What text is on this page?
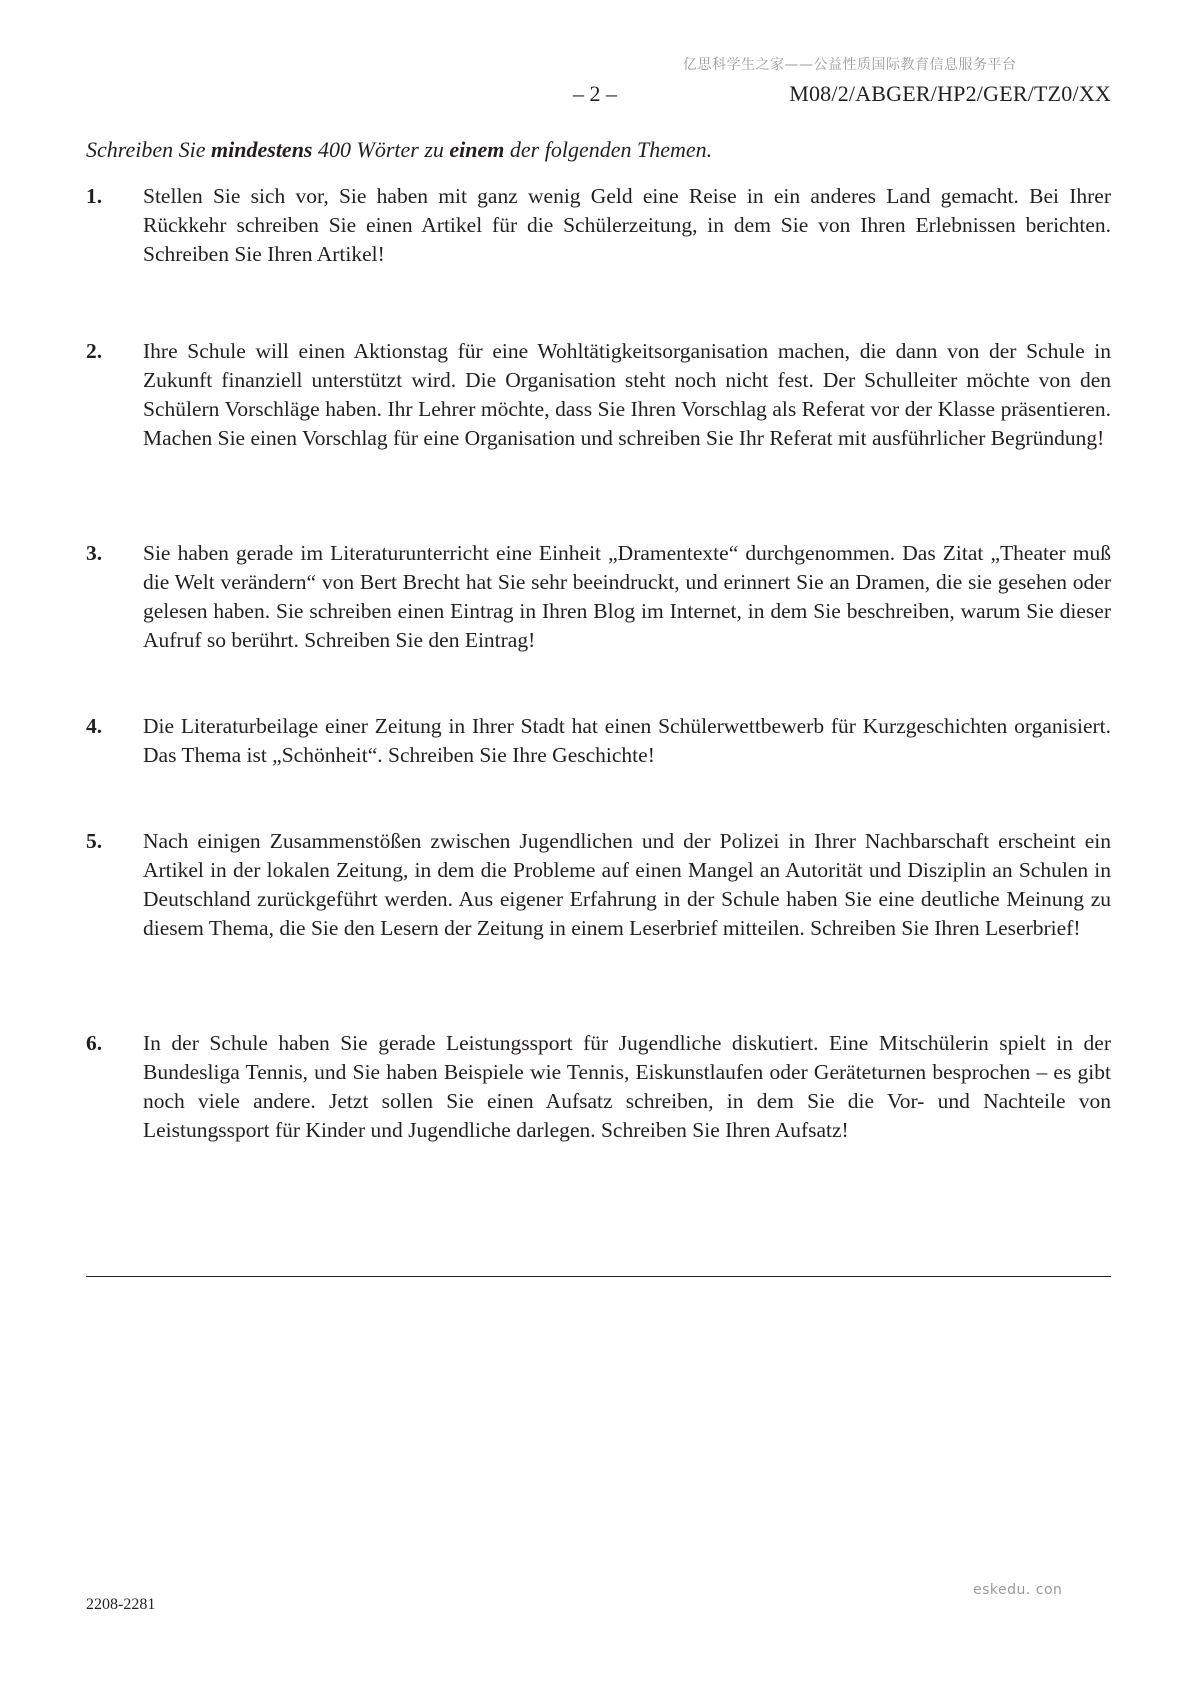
亿思科学生之家——公益性质国际教育信息服务平台
– 2 –	M08/2/ABGER/HP2/GER/TZ0/XX
Schreiben Sie mindestens 400 Wörter zu einem der folgenden Themen.
1. Stellen Sie sich vor, Sie haben mit ganz wenig Geld eine Reise in ein anderes Land gemacht. Bei Ihrer Rückkehr schreiben Sie einen Artikel für die Schülerzeitung, in dem Sie von Ihren Erlebnissen berichten. Schreiben Sie Ihren Artikel!
2. Ihre Schule will einen Aktionstag für eine Wohltätigkeitsorganisation machen, die dann von der Schule in Zukunft finanziell unterstützt wird. Die Organisation steht noch nicht fest. Der Schulleiter möchte von den Schülern Vorschläge haben. Ihr Lehrer möchte, dass Sie Ihren Vorschlag als Referat vor der Klasse präsentieren. Machen Sie einen Vorschlag für eine Organisation und schreiben Sie Ihr Referat mit ausführlicher Begründung!
3. Sie haben gerade im Literaturunterricht eine Einheit „Dramentexte“ durchgenommen. Das Zitat „Theater muß die Welt verändern“ von Bert Brecht hat Sie sehr beeindruckt, und erinnert Sie an Dramen, die sie gesehen oder gelesen haben. Sie schreiben einen Eintrag in Ihren Blog im Internet, in dem Sie beschreiben, warum Sie dieser Aufruf so berührt. Schreiben Sie den Eintrag!
4. Die Literaturbeilage einer Zeitung in Ihrer Stadt hat einen Schülerwettbewerb für Kurzgeschichten organisiert. Das Thema ist „Schönheit“. Schreiben Sie Ihre Geschichte!
5. Nach einigen Zusammenstößen zwischen Jugendlichen und der Polizei in Ihrer Nachbarschaft erscheint ein Artikel in der lokalen Zeitung, in dem die Probleme auf einen Mangel an Autorität und Disziplin an Schulen in Deutschland zurückgeführt werden. Aus eigener Erfahrung in der Schule haben Sie eine deutliche Meinung zu diesem Thema, die Sie den Lesern der Zeitung in einem Leserbrief mitteilen. Schreiben Sie Ihren Leserbrief!
6. In der Schule haben Sie gerade Leistungssport für Jugendliche diskutiert. Eine Mitschülerin spielt in der Bundesliga Tennis, und Sie haben Beispiele wie Tennis, Eiskunstlaufen oder Geräteturnen besprochen – es gibt noch viele andere. Jetzt sollen Sie einen Aufsatz schreiben, in dem Sie die Vor- und Nachteile von Leistungssport für Kinder und Jugendliche darlegen. Schreiben Sie Ihren Aufsatz!
eskedu. con
2208-2281
